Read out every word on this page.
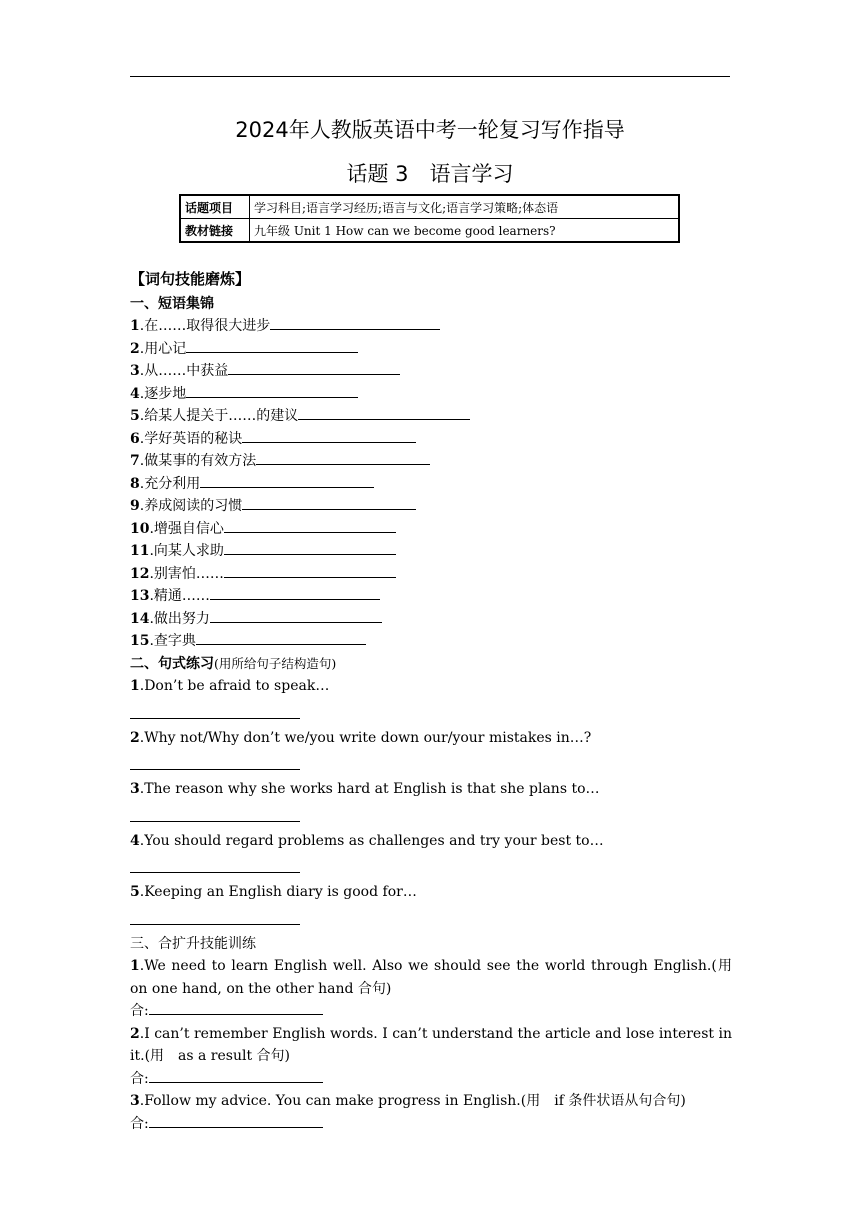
2024年人教版英语中考一轮复习写作指导
话题 3　语言学习
话题项目	学习科目;语言学习经历;语言与文化;语言学习策略;体态语
教材链接	九年级 Unit 1 How can we become good learners?

【词句技能磨炼】

一、短语集锦

1.在……取得很大进步

2.用心记

3.从……中获益

4.逐步地

5.给某人提关于……的建议

6.学好英语的秘诀

7.做某事的有效方法

8.充分利用

9.养成阅读的习惯

10.增强自信心

11.向某人求助

12.别害怕……

13.精通……

14.做出努力

15.查字典

二、句式练习(用所给句子结构造句)

1.Don’t be afraid to speak…

2.Why not/Why don’t we/you write down our/your mistakes in…?

3.The reason why she works hard at English is that she plans to…

4.You should regard problems as challenges and try your best to…

5.Keeping an English diary is good for…

三、合扩升技能训练

1.We need to learn English well. Also we should see the world through English.(用　on one hand, on the other hand 合句)

合:

2.I can’t remember English words. I can’t understand the article and lose interest in it.(用　as a result 合句)

合:

3.Follow my advice. You can make progress in English.(用　if 条件状语从句合句)

合:
